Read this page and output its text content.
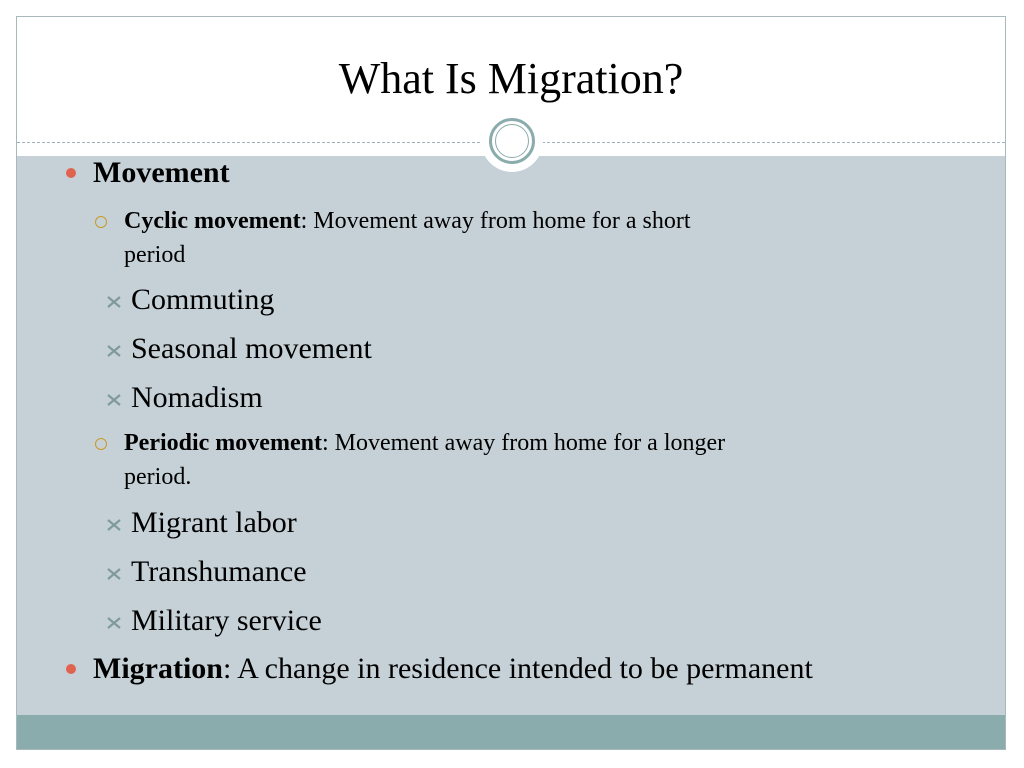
What Is Migration?
Movement
Cyclic movement: Movement away from home for a short
period
Commuting
Seasonal movement
Nomadism
Periodic movement: Movement away from home for a longer
period.
Migrant labor
Transhumance
Military service
Migration: A change in residence intended to be permanent
